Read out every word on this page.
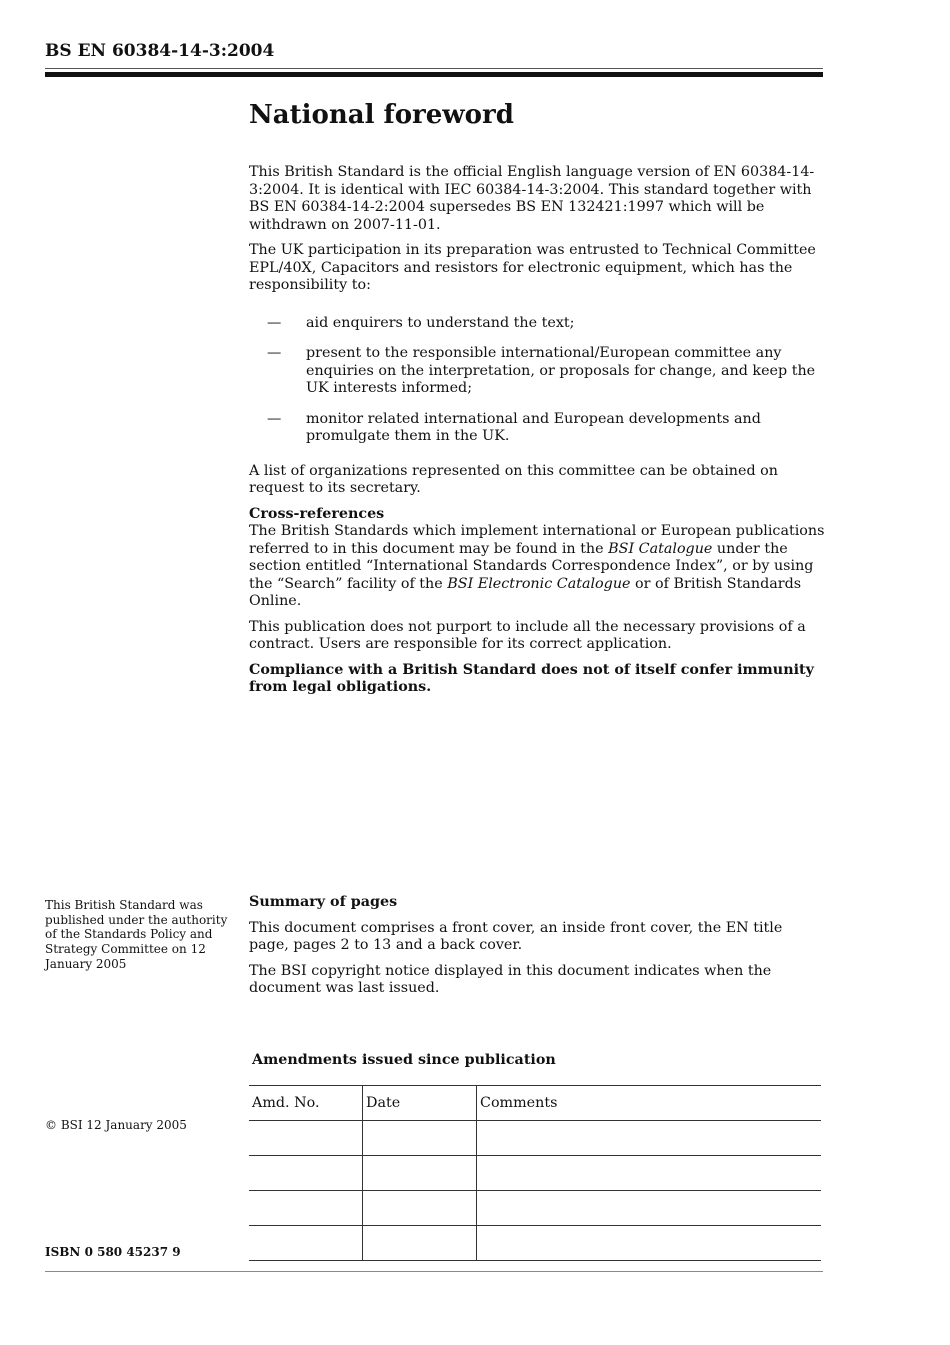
BS EN 60384-14-3:2004
National foreword

This British Standard is the official English language version of EN 60384-14-3:2004. It is identical with IEC 60384-14-3:2004. This standard together with BS EN 60384-14-2:2004 supersedes BS EN 132421:1997 which will be withdrawn on 2007-11-01.

The UK participation in its preparation was entrusted to Technical Committee EPL/40X, Capacitors and resistors for electronic equipment, which has the responsibility to:

— aid enquirers to understand the text;
— present to the responsible international/European committee any enquiries on the interpretation, or proposals for change, and keep the UK interests informed;
— monitor related international and European developments and promulgate them in the UK.

A list of organizations represented on this committee can be obtained on request to its secretary.

Cross-references

The British Standards which implement international or European publications referred to in this document may be found in the BSI Catalogue under the section entitled “International Standards Correspondence Index”, or by using the “Search” facility of the BSI Electronic Catalogue or of British Standards Online.

This publication does not purport to include all the necessary provisions of a contract. Users are responsible for its correct application.

Compliance with a British Standard does not of itself confer immunity from legal obligations.

This British Standard was published under the authority of the Standards Policy and Strategy Committee on 12 January 2005
© BSI 12 January 2005
ISBN 0 580 45237 9
Summary of pages

This document comprises a front cover, an inside front cover, the EN title page, pages 2 to 13 and a back cover.

The BSI copyright notice displayed in this document indicates when the document was last issued.

Amendments issued since publication
Amd. No.	Date	Comments
